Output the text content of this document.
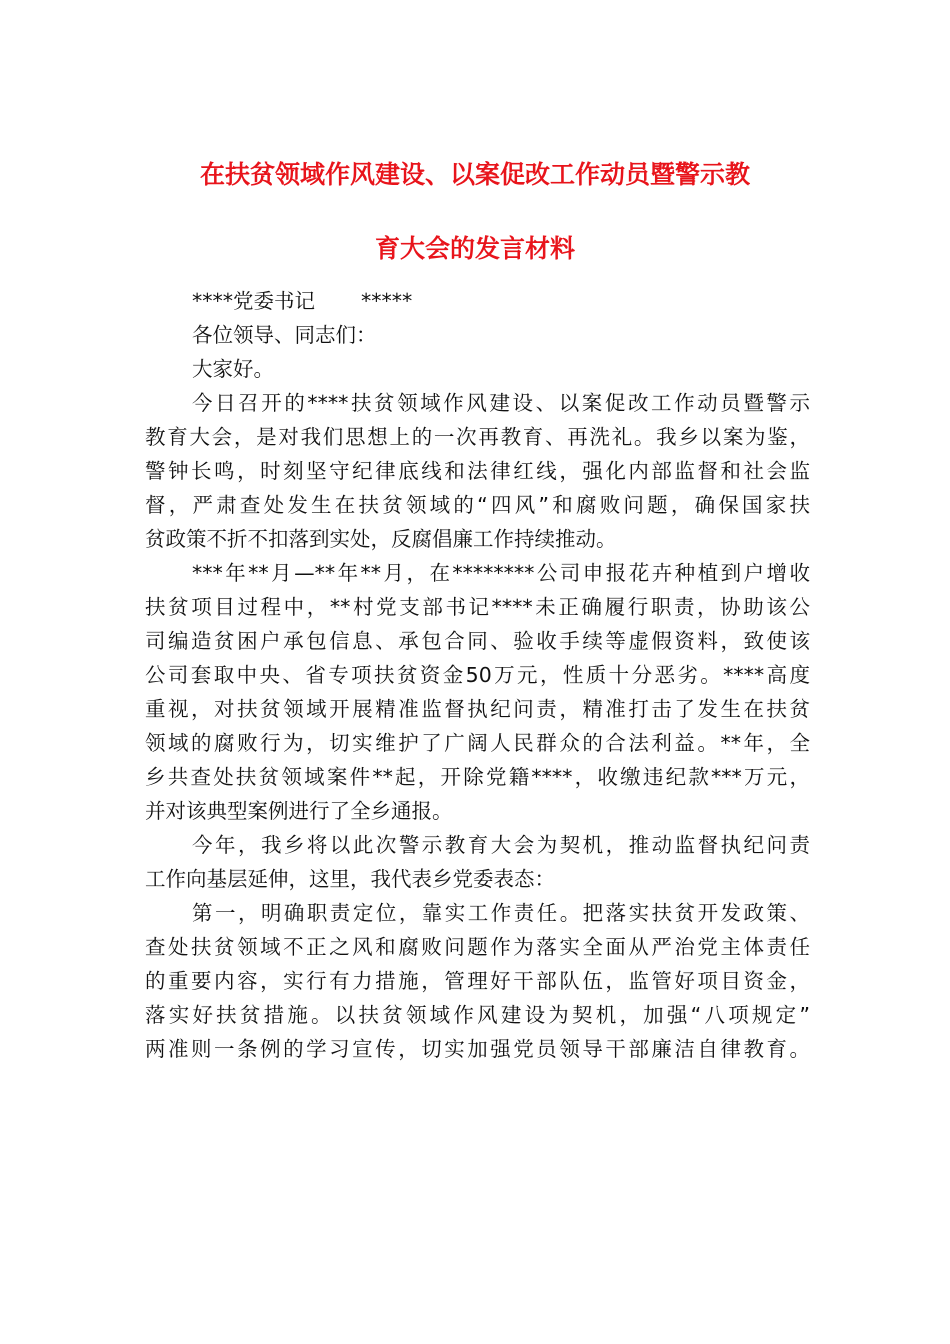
在扶贫领域作风建设、以案促改工作动员暨警示教
育大会的发言材料
****党委书记 *****
各位领导、同志们：
大家好。
今日召开的****扶贫领域作风建设、以案促改工作动员暨警示
教育大会，是对我们思想上的一次再教育、再洗礼。我乡以案为鉴，
警钟长鸣，时刻坚守纪律底线和法律红线，强化内部监督和社会监
督，严肃查处发生在扶贫领域的“四风”和腐败问题，确保国家扶
贫政策不折不扣落到实处，反腐倡廉工作持续推动。
***年**月—**年**月，在********公司申报花卉种植到户增收
扶贫项目过程中，**村党支部书记****未正确履行职责，协助该公
司编造贫困户承包信息、承包合同、验收手续等虚假资料，致使该
公司套取中央、省专项扶贫资金50万元，性质十分恶劣。****高度
重视，对扶贫领域开展精准监督执纪问责，精准打击了发生在扶贫
领域的腐败行为，切实维护了广阔人民群众的合法利益。**年，全
乡共查处扶贫领域案件**起，开除党籍****，收缴违纪款***万元，
并对该典型案例进行了全乡通报。
今年，我乡将以此次警示教育大会为契机，推动监督执纪问责
工作向基层延伸，这里，我代表乡党委表态：
第一，明确职责定位，靠实工作责任。把落实扶贫开发政策、
查处扶贫领域不正之风和腐败问题作为落实全面从严治党主体责任
的重要内容，实行有力措施，管理好干部队伍，监管好项目资金，
落实好扶贫措施。以扶贫领域作风建设为契机，加强“八项规定”
两准则一条例的学习宣传，切实加强党员领导干部廉洁自律教育。
